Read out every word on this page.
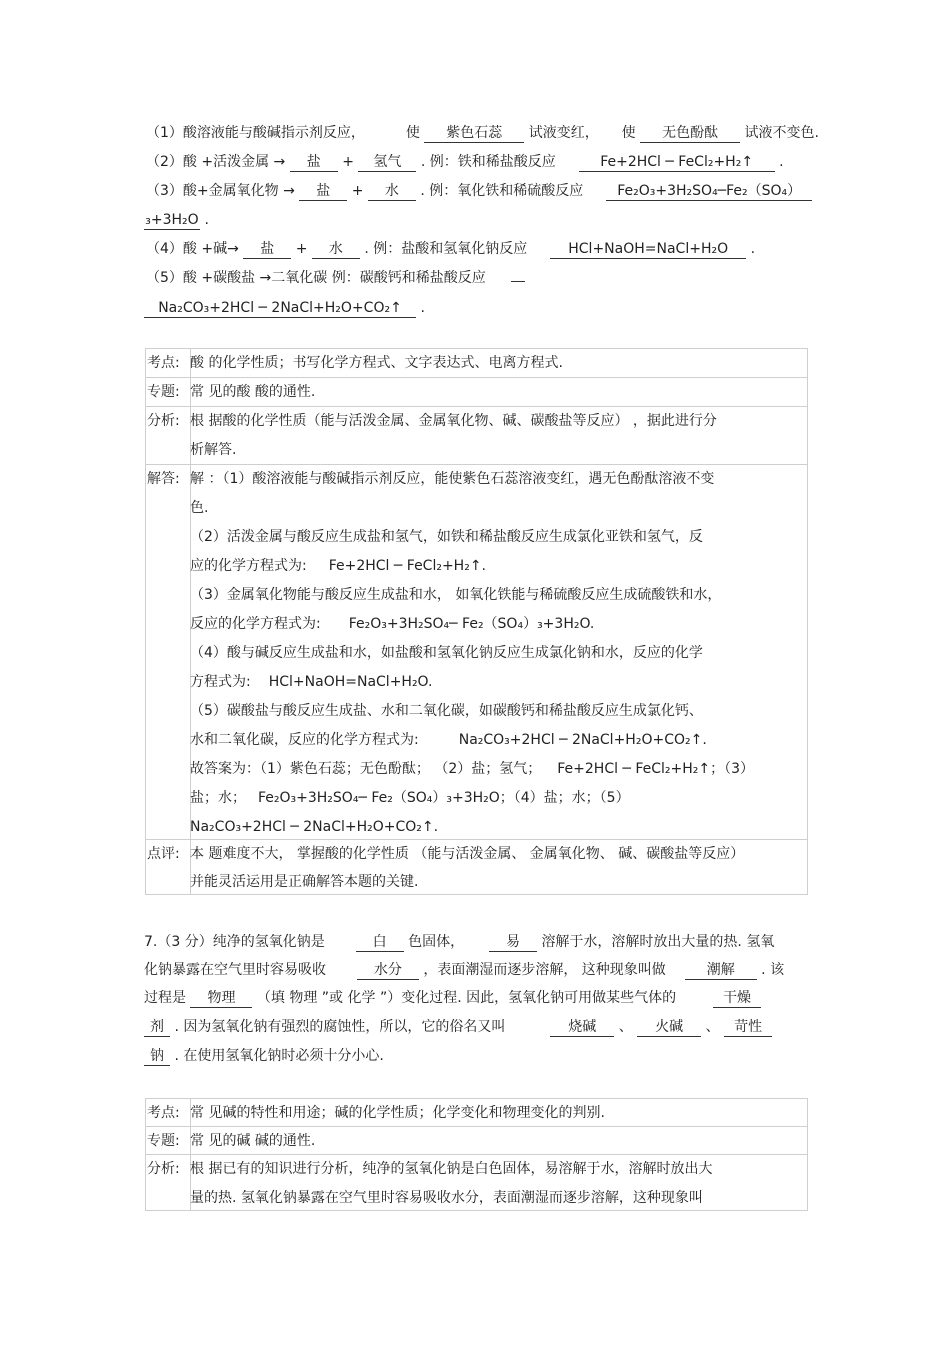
（1）酸溶液能与酸碱指示剂反应，	使 紫色石蕊 试液变红， 使 无色酚酞 试液不变色.
（2）酸 +活泼金属 → 盐 + 氢气 . 例：铁和稀盐酸反应	Fe+2HCl ─ FeCl₂+H₂↑ .
（3）酸+金属氧化物 → 盐 + 水 . 例：氧化铁和稀硫酸反应 Fe₂O₃+3H₂SO₄─Fe₂（SO₄）
₃+3H₂O .
（4）酸 +碱→ 盐 + 水 . 例：盐酸和氢氧化钠反应	HCl+NaOH=NaCl+H₂O .
（5）酸 +碳酸盐 →二氧化碳 例：碳酸钙和稀盐酸反应
Na₂CO₃+2HCl ─ 2NaCl+H₂O+CO₂↑ .
考点: 酸 的化学性质；书写化学方程式、文字表达式、电离方程式.
专题: 常 见的酸 酸的通性.
分析: 根 据酸的化学性质（能与活泼金属、金属氧化物、碱、碳酸盐等反应） ，据此进行分
析解答.
解答: 解 ：（1）酸溶液能与酸碱指示剂反应，能使紫色石蕊溶液变红，遇无色酚酞溶液不变
色.
（2）活泼金属与酸反应生成盐和氢气，如铁和稀盐酸反应生成氯化亚铁和氢气，反
应的化学方程式为: Fe+2HCl ─ FeCl₂+H₂↑.
（3）金属氧化物能与酸反应生成盐和水， 如氧化铁能与稀硫酸反应生成硫酸铁和水，
反应的化学方程式为: Fe₂O₃+3H₂SO₄─ Fe₂（SO₄）₃+3H₂O.
（4）酸与碱反应生成盐和水，如盐酸和氢氧化钠反应生成氯化钠和水，反应的化学
方程式为: HCl+NaOH=NaCl+H₂O.
（5）碳酸盐与酸反应生成盐、水和二氧化碳，如碳酸钙和稀盐酸反应生成氯化钙、
水和二氧化碳，反应的化学方程式为:	Na₂CO₃+2HCl ─ 2NaCl+H₂O+CO₂↑.
故答案为：（1）紫色石蕊；无色酚酞； （2）盐；氢气； Fe+2HCl ─ FeCl₂+H₂↑；（3）
盐；水； Fe₂O₃+3H₂SO₄─ Fe₂（SO₄）₃+3H₂O；（4）盐；水；（5）
Na₂CO₃+2HCl ─ 2NaCl+H₂O+CO₂↑.
点评: 本 题难度不大， 掌握酸的化学性质 （能与活泼金属、 金属氧化物、 碱、碳酸盐等反应）
并能灵活运用是正确解答本题的关键.
7.（3 分）纯净的氢氧化钠是	白 色固体，	易 溶解于水，溶解时放出大量的热. 氢氧
化钠暴露在空气里时容易吸收	水分 ，表面潮湿而逐步溶解， 这种现象叫做	潮解 . 该
过程是 物理 （填 物理 ”或 化学 ”）变化过程. 因此，氢氧化钠可用做某些气体的	干燥
剂 . 因为氢氧化钠有强烈的腐蚀性，所以，它的俗名又叫	烧碱 、 火碱 、 苛性
钠 . 在使用氢氧化钠时必须十分小心.
考点: 常 见碱的特性和用途；碱的化学性质；化学变化和物理变化的判别.
专题: 常 见的碱 碱的通性.
分析: 根 据已有的知识进行分析，纯净的氢氧化钠是白色固体，易溶解于水，溶解时放出大
量的热. 氢氧化钠暴露在空气里时容易吸收水分，表面潮湿而逐步溶解，这种现象叫
